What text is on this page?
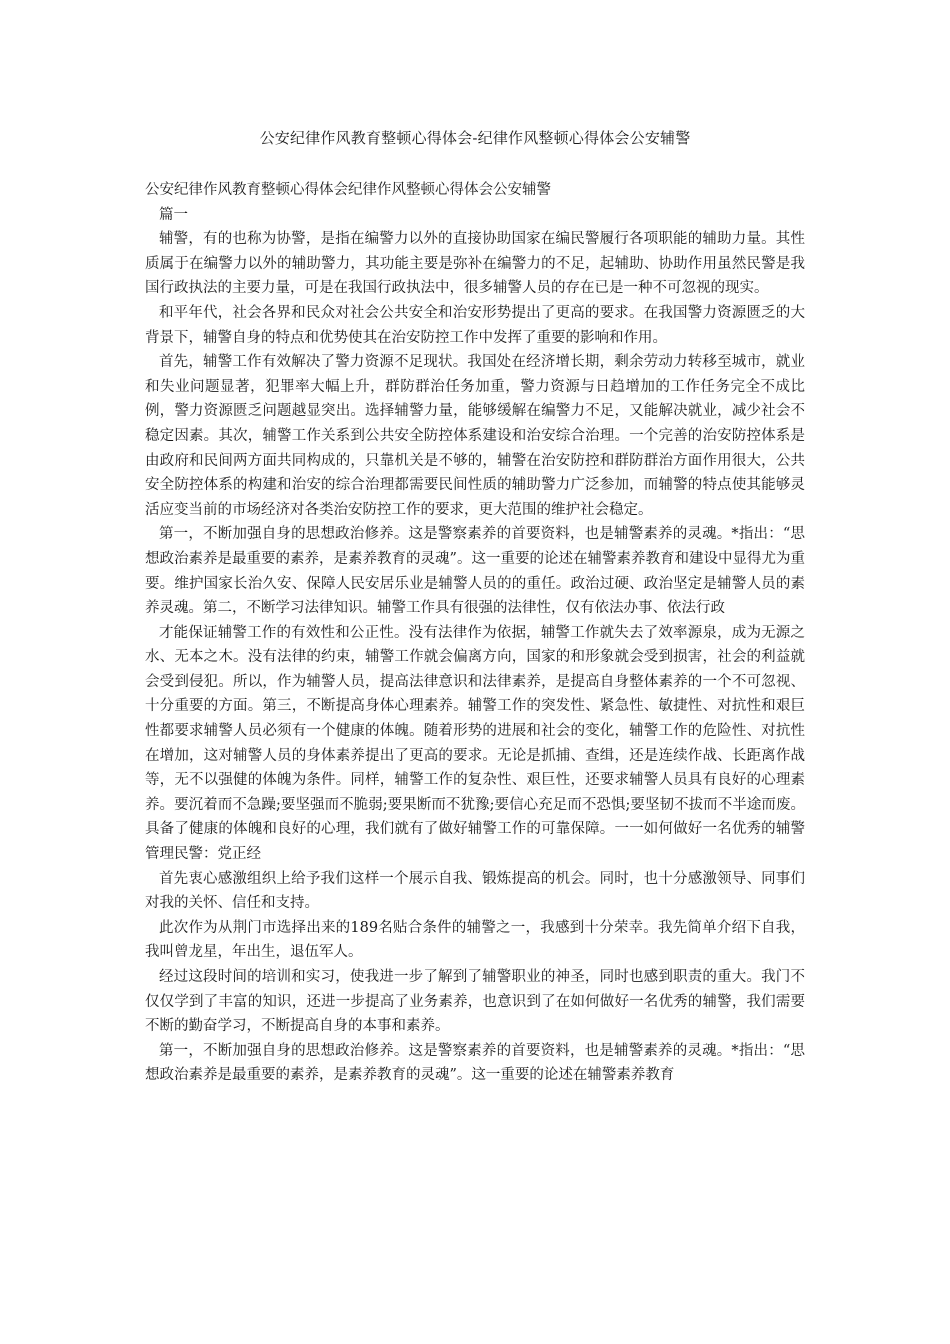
公安纪律作风教育整顿心得体会-纪律作风整顿心得体会公安辅警

公安纪律作风教育整顿心得体会纪律作风整顿心得体会公安辅警

篇一

辅警，有的也称为协警，是指在编警力以外的直接协助国家在编民警履行各项职能的辅助力量。其性质属于在编警力以外的辅助警力，其功能主要是弥补在编警力的不足，起辅助、协助作用虽然民警是我国行政执法的主要力量，可是在我国行政执法中，很多辅警人员的存在已是一种不可忽视的现实。

和平年代，社会各界和民众对社会公共安全和治安形势提出了更高的要求。在我国警力资源匮乏的大背景下，辅警自身的特点和优势使其在治安防控工作中发挥了重要的影响和作用。

首先，辅警工作有效解决了警力资源不足现状。我国处在经济增长期，剩余劳动力转移至城市，就业和失业问题显著，犯罪率大幅上升，群防群治任务加重，警力资源与日趋增加的工作任务完全不成比例，警力资源匮乏问题越显突出。选择辅警力量，能够缓解在编警力不足，又能解决就业，减少社会不稳定因素。其次，辅警工作关系到公共安全防控体系建设和治安综合治理。一个完善的治安防控体系是由政府和民间两方面共同构成的，只靠机关是不够的，辅警在治安防控和群防群治方面作用很大，公共安全防控体系的构建和治安的综合治理都需要民间性质的辅助警力广泛参加，而辅警的特点使其能够灵活应变当前的市场经济对各类治安防控工作的要求，更大范围的维护社会稳定。

第一，不断加强自身的思想政治修养。这是警察素养的首要资料，也是辅警素养的灵魂。*指出：“思想政治素养是最重要的素养，是素养教育的灵魂”。这一重要的论述在辅警素养教育和建设中显得尤为重要。维护国家长治久安、保障人民安居乐业是辅警人员的的重任。政治过硬、政治坚定是辅警人员的素养灵魂。第二，不断学习法律知识。辅警工作具有很强的法律性，仅有依法办事、依法行政

才能保证辅警工作的有效性和公正性。没有法律作为依据，辅警工作就失去了效率源泉，成为无源之水、无本之木。没有法律的约束，辅警工作就会偏离方向，国家的和形象就会受到损害，社会的利益就会受到侵犯。所以，作为辅警人员，提高法律意识和法律素养，是提高自身整体素养的一个不可忽视、十分重要的方面。第三，不断提高身体心理素养。辅警工作的突发性、紧急性、敏捷性、对抗性和艰巨性都要求辅警人员必须有一个健康的体魄。随着形势的进展和社会的变化，辅警工作的危险性、对抗性在增加，这对辅警人员的身体素养提出了更高的要求。无论是抓捕、查缉，还是连续作战、长距离作战等，无不以强健的体魄为条件。同样，辅警工作的复杂性、艰巨性，还要求辅警人员具有良好的心理素养。要沉着而不急躁;要坚强而不脆弱;要果断而不犹豫;要信心充足而不恐惧;要坚韧不拔而不半途而废。具备了健康的体魄和良好的心理，我们就有了做好辅警工作的可靠保障。一一如何做好一名优秀的辅警管理民警：党正经

首先衷心感激组织上给予我们这样一个展示自我、锻炼提高的机会。同时，也十分感激领导、同事们对我的关怀、信任和支持。

此次作为从荆门市选择出来的189名贴合条件的辅警之一，我感到十分荣幸。我先简单介绍下自我，我叫曾龙星，年出生，退伍军人。

经过这段时间的培训和实习，使我进一步了解到了辅警职业的神圣，同时也感到职责的重大。我门不仅仅学到了丰富的知识，还进一步提高了业务素养，也意识到了在如何做好一名优秀的辅警，我们需要不断的勤奋学习，不断提高自身的本事和素养。

第一，不断加强自身的思想政治修养。这是警察素养的首要资料，也是辅警素养的灵魂。*指出：“思想政治素养是最重要的素养，是素养教育的灵魂”。这一重要的论述在辅警素养教育
